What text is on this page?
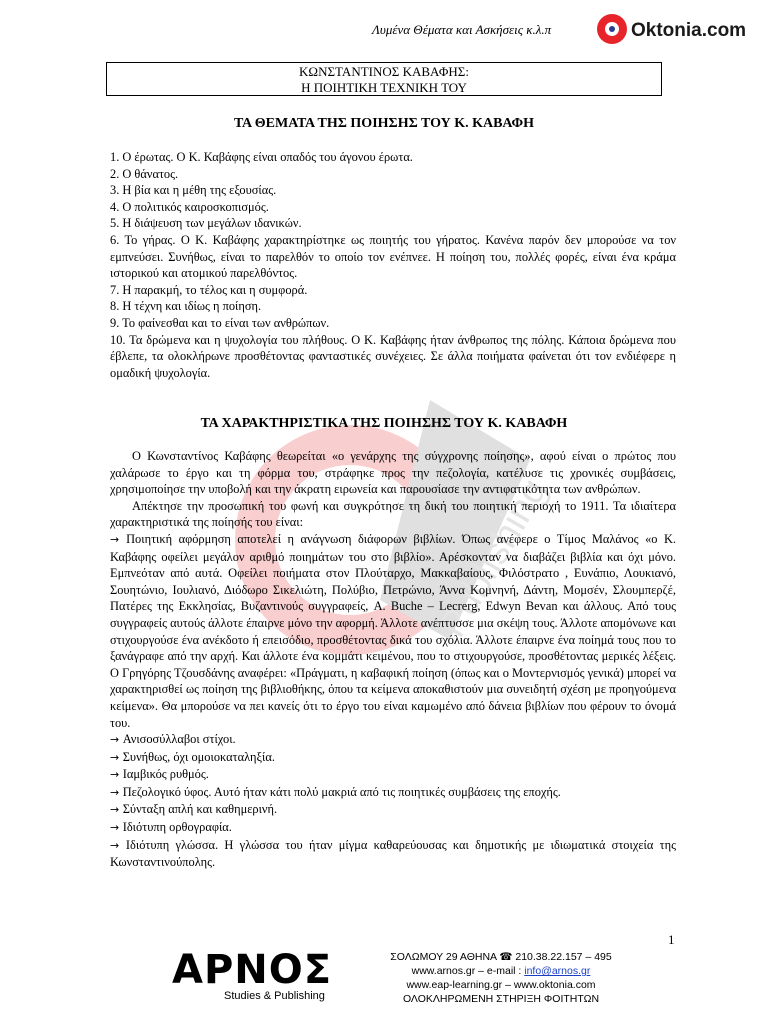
Λυμένα Θέματα και Ασκήσεις κ.λ.π	Oktonia.com
ΚΩΝΣΤΑΝΤΙΝΟΣ ΚΑΒΑΦΗΣ:
Η ΠΟΙΗΤΙΚΗ ΤΕΧΝΙΚΗ ΤΟΥ
Publishing
ΤΑ ΘΕΜΑΤΑ ΤΗΣ ΠΟΙΗΣΗΣ ΤΟΥ Κ. ΚΑΒΑΦΗ

1. Ο έρωτας. Ο Κ. Καβάφης είναι οπαδός του άγονου έρωτα.

2. Ο θάνατος.

3. Η βία και η μέθη της εξουσίας.

4. Ο πολιτικός καιροσκοπισμός.

5. Η διάψευση των μεγάλων ιδανικών.

6. Το γήρας. Ο Κ. Καβάφης χαρακτηρίστηκε ως ποιητής του γήρατος. Κανένα παρόν δεν μπορούσε να τον εμπνεύσει. Συνήθως, είναι το παρελθόν το οποίο τον ενέπνεε. Η ποίηση του, πολλές φορές, είναι ένα κράμα ιστορικού και ατομικού παρελθόντος.

7. Η παρακμή, το τέλος και η συμφορά.

8. Η τέχνη και ιδίως η ποίηση.

9. Το φαίνεσθαι και το είναι των ανθρώπων.

10. Τα δρώμενα και η ψυχολογία του πλήθους. Ο Κ. Καβάφης ήταν άνθρωπος της πόλης. Κάποια δρώμενα που έβλεπε, τα ολοκλήρωνε προσθέτοντας φανταστικές συνέχειες. Σε άλλα ποιήματα φαίνεται ότι τον ενδιέφερε η ομαδική ψυχολογία.

ΤΑ ΧΑΡΑΚΤΗΡΙΣΤΙΚΑ ΤΗΣ ΠΟΙΗΣΗΣ ΤΟΥ Κ. ΚΑΒΑΦΗ

Ο Κωνσταντίνος Καβάφης θεωρείται «ο γενάρχης της σύγχρονης ποίησης», αφού είναι ο πρώτος που χαλάρωσε το έργο και τη φόρμα του, στράφηκε προς την πεζολογία, κατέλυσε τις χρονικές συμβάσεις, χρησιμοποίησε την υποβολή και την άκρατη ειρωνεία και παρουσίασε την αντιφατικότητα των ανθρώπων.

Απέκτησε την προσωπική του φωνή και συγκρότησε τη δική του ποιητική περιοχή το 1911. Τα ιδιαίτερα χαρακτηριστικά της ποίησής του είναι:

→ Ποιητική αφόρμηση αποτελεί η ανάγνωση διάφορων βιβλίων. Όπως ανέφερε ο Τίμος Μαλάνος «ο Κ. Καβάφης οφείλει μεγάλον αριθμό ποιημάτων του στο βιβλίο». Αρέσκονταν να διαβάζει βιβλία και όχι μόνο. Εμπνεόταν από αυτά. Οφείλει ποιήματα στον Πλούταρχο, Μακκαβαίους, Φιλόστρατο , Ευνάπιο, Λουκιανό, Σουητώνιο, Ιουλιανό, Διόδωρο Σικελιώτη, Πολύβιο, Πετρώνιο, Άννα Κομνηνή, Δάντη, Μομσέν, Σλουμπερζέ, Πατέρες της Εκκλησίας, Βυζαντινούς συγγραφείς, A. Buche – Lecrerg, Edwyn Bevan και άλλους. Από τους συγγραφείς αυτούς άλλοτε έπαιρνε μόνο την αφορμή. Άλλοτε ανέπτυσσε μια σκέψη τους. Άλλοτε απομόνωνε και στιχουργούσε ένα ανέκδοτο ή επεισόδιο, προσθέτοντας δικά του σχόλια. Άλλοτε έπαιρνε ένα ποίημά τους που το ξανάγραφε από την αρχή. Και άλλοτε ένα κομμάτι κειμένου, που το στιχουργούσε, προσθέτοντας μερικές λέξεις. Ο Γρηγόρης Τζουσδάνης αναφέρει: «Πράγματι, η καβαφική ποίηση (όπως και ο Μοντερνισμός γενικά) μπορεί να χαρακτηρισθεί ως ποίηση της βιβλιοθήκης, όπου τα κείμενα αποκαθιστούν μια συνειδητή σχέση με προηγούμενα κείμενα». Θα μπορούσε να πει κανείς ότι το έργο του είναι καμωμένο από δάνεια βιβλίων που φέρουν το όνομά του.

→ Ανισοσύλλαβοι στίχοι.

→ Συνήθως, όχι ομοιοκαταληξία.

→ Ιαμβικός ρυθμός.

→ Πεζολογικό ύφος. Αυτό ήταν κάτι πολύ μακριά από τις ποιητικές συμβάσεις της εποχής.

→ Σύνταξη απλή και καθημερινή.

→ Ιδιότυπη ορθογραφία.

→ Ιδιότυπη γλώσσα. Η γλώσσα του ήταν μίγμα καθαρεύουσας και δημοτικής με ιδιωματικά στοιχεία της Κωνσταντινούπολης.

1
ΑΡΝΟΣ
Studies & Publishing
ΣΟΛΩΜΟΥ 29 ΑΘΗΝΑ ☎ 210.38.22.157 – 495
www.arnos.gr – e-mail : info@arnos.gr
www.eap-learning.gr – www.oktonia.com
ΟΛΟΚΛΗΡΩΜΕΝΗ ΣΤΗΡΙΞΗ ΦΟΙΤΗΤΩΝ
